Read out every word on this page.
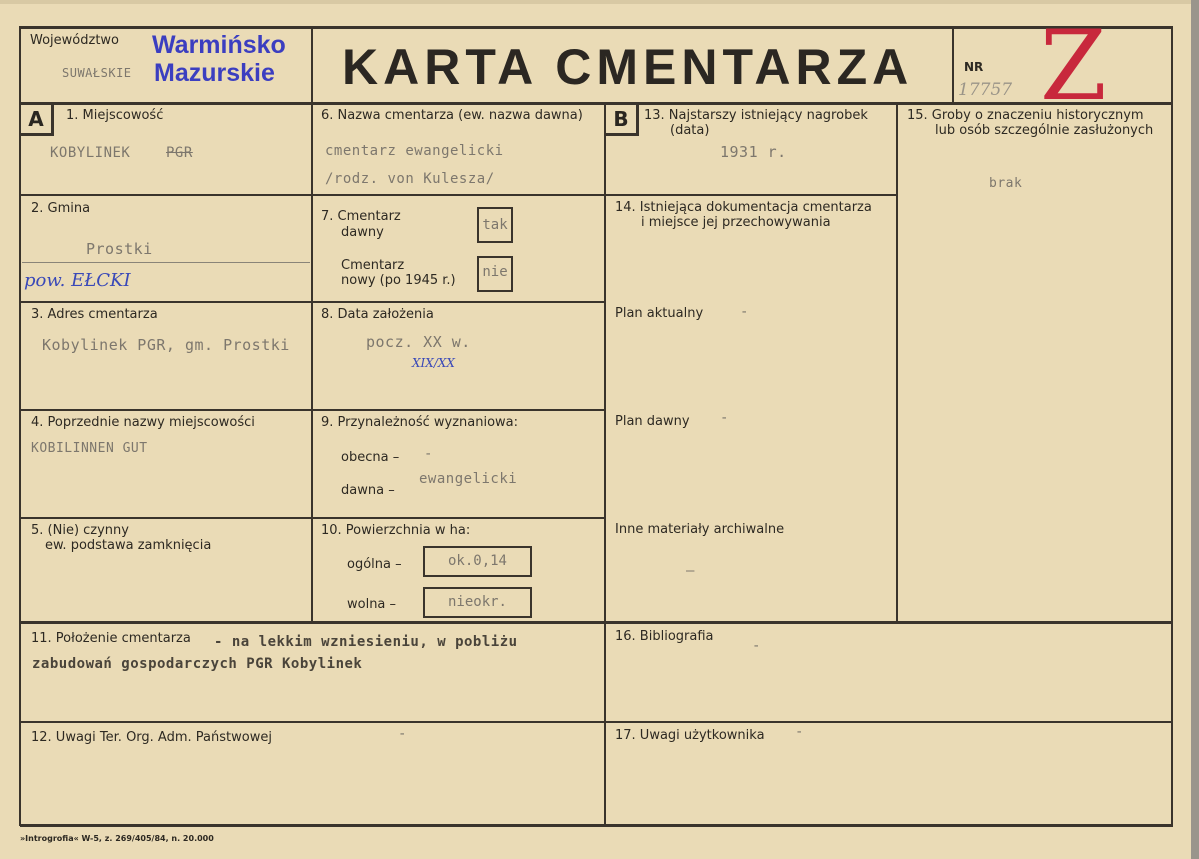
Województwo
SUWAŁSKIE
Warmińsko
Mazurskie KARTA CMENTARZA	NR
17757 Z
A	B
1. Miejscowość
KOBYLINEK	PGR
2. Gmina
Prostki
pow. EŁCKI
3. Adres cmentarza
Kobylinek PGR, gm. Prostki
4. Poprzednie nazwy miejscowości
KOBILINNEN GUT
5. (Nie) czynny
ew. podstawa zamknięcia
6. Nazwa cmentarza (ew. nazwa dawna)
cmentarz ewangelicki
/rodz. von Kulesza/
7. Cmentarz
dawny	tak
Cmentarz
nowy (po 1945 r.)
nie
8. Data założenia
pocz. XX w.
XIX/XX
9. Przynależność wyznaniowa:
obecna – -
dawna –
ewangelicki
10. Powierzchnia w ha:
ogólna –	ok.0,14
wolna –	nieokr.
11. Położenie cmentarza - na lekkim wzniesieniu, w pobliżu
zabudowań gospodarczych PGR Kobylinek
12. Uwagi Ter. Org. Adm. Państwowej	-
13. Najstarszy istniejący nagrobek
(data)
1931 r.
14. Istniejąca dokumentacja cmentarza
i miejsce jej przechowywania
Plan aktualny	-
Plan dawny -
Inne materiały archiwalne
—
15. Groby o znaczeniu historycznym
lub osób szczególnie zasłużonych
brak
16. Bibliografia
-
17. Uwagi użytkownika -
»Introgrofia« W-5, z. 269/405/84, n. 20.000
